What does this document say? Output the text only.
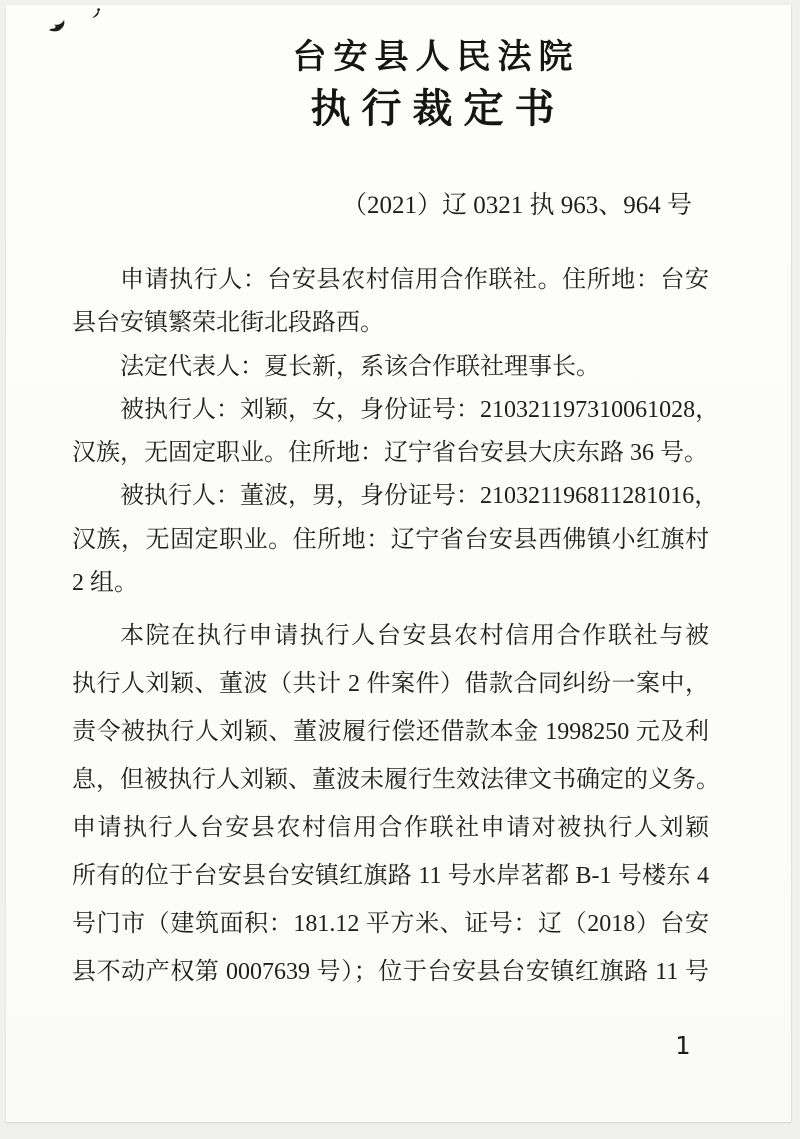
台安县人民法院
执行裁定书
（2021）辽 0321 执 963、964 号
申请执行人：台安县农村信用合作联社。住所地：台安
县台安镇繁荣北街北段路西。
法定代表人：夏长新，系该合作联社理事长。
被执行人：刘颖，女，身份证号：210321197310061028，
汉族，无固定职业。住所地：辽宁省台安县大庆东路 36 号。
被执行人：董波，男，身份证号：210321196811281016，
汉族，无固定职业。住所地：辽宁省台安县西佛镇小红旗村
2 组。
本院在执行申请执行人台安县农村信用合作联社与被
执行人刘颖、董波（共计 2 件案件）借款合同纠纷一案中，
责令被执行人刘颖、董波履行偿还借款本金 1998250 元及利
息，但被执行人刘颖、董波未履行生效法律文书确定的义务。
申请执行人台安县农村信用合作联社申请对被执行人刘颖
所有的位于台安县台安镇红旗路 11 号水岸茗都 B-1 号楼东 4
号门市（建筑面积：181.12 平方米、证号：辽（2018）台安
县不动产权第 0007639 号）；位于台安县台安镇红旗路 11 号
1
